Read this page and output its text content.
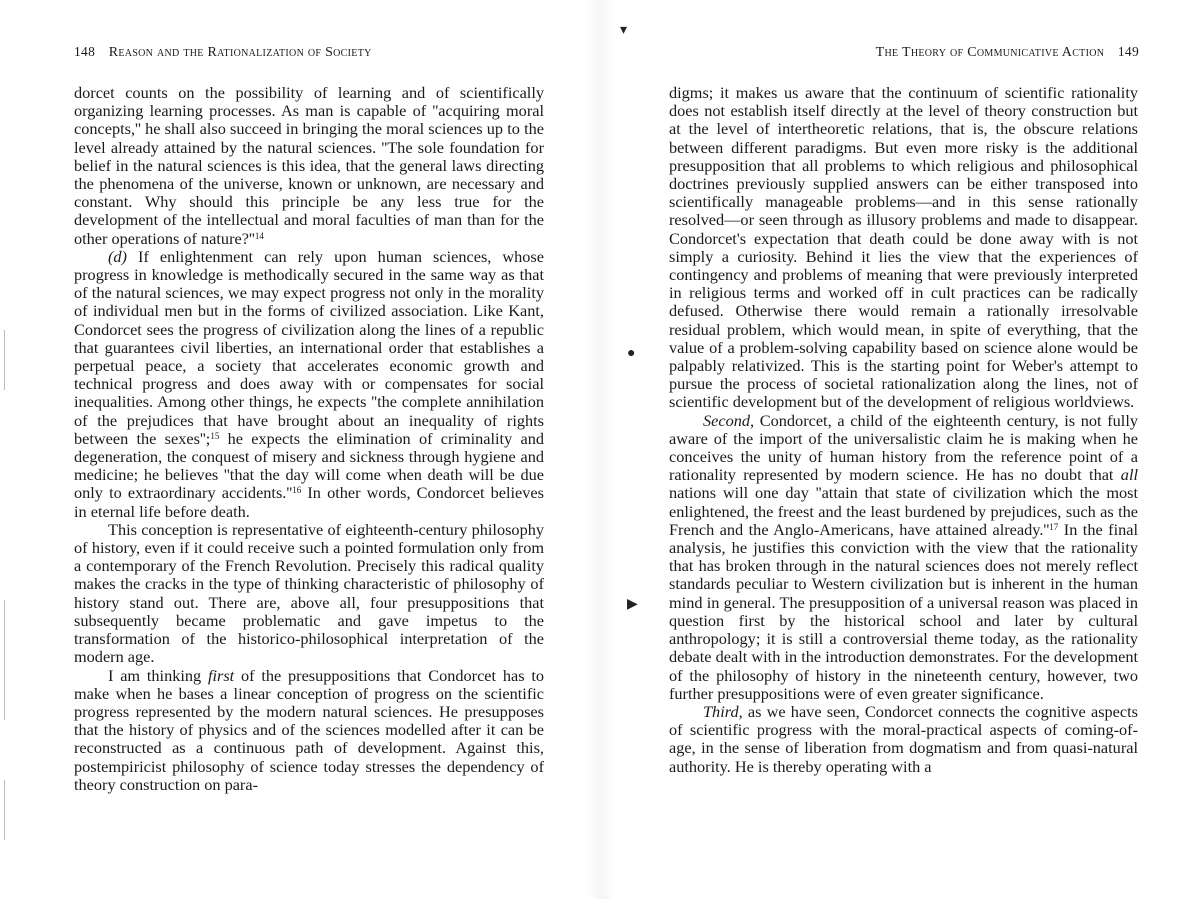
▾
●
▶
148 Reason and the Rationalization of Society

dorcet counts on the possibility of learning and of scientifically organizing learning processes. As man is capable of ''acquiring moral concepts,'' he shall also succeed in bringing the moral sciences up to the level already attained by the natural sciences. ''The sole foundation for belief in the natural sciences is this idea, that the general laws directing the phenomena of the universe, known or unknown, are necessary and constant. Why should this principle be any less true for the development of the intellectual and moral faculties of man than for the other operations of $nature?''^{14}$

(d) If enlightenment can rely upon human sciences, whose progress in knowledge is methodically secured in the same way as that of the natural sciences, we may expect progress not only in the morality of individual men but in the forms of civilized association. Like Kant, Condorcet sees the progress of civilization along the lines of a republic that guarantees civil liberties, an international order that establishes a perpetual peace, a society that accelerates economic growth and technical progress and does away with or compensates for social inequalities. Among other things, he expects ''the complete annihilation of the prejudices that have brought about an inequality of rights between the sexes'';$^{15}$ he expects the elimination of criminality and degeneration, the conquest of misery and sickness through hygiene and medicine; he believes ''that the day will come when death will be due only to extraordinary $accidents.''^{16}$ In other words, Condorcet believes in eternal life before death.

This conception is representative of eighteenth-century philosophy of history, even if it could receive such a pointed formulation only from a contemporary of the French Revolution. Precisely this radical quality makes the cracks in the type of thinking characteristic of philosophy of history stand out. There are, above all, four presuppositions that subsequently became problematic and gave impetus to the transformation of the historico-philosophical interpretation of the modern age.

I am thinking first of the presuppositions that Condorcet has to make when he bases a linear conception of progress on the scientific progress represented by the modern natural sciences. He presupposes that the history of physics and of the sciences modelled after it can be reconstructed as a continuous path of development. Against this, postempiricist philosophy of science today stresses the dependency of theory construction on para-

The Theory of Communicative Action 149

digms; it makes us aware that the continuum of scientific rationality does not establish itself directly at the level of theory construction but at the level of intertheoretic relations, that is, the obscure relations between different paradigms. But even more risky is the additional presupposition that all problems to which religious and philosophical doctrines previously supplied answers can be either transposed into scientifically manageable problems—and in this sense rationally resolved—or seen through as illusory problems and made to disappear. Condorcet's expectation that death could be done away with is not simply a curiosity. Behind it lies the view that the experiences of contingency and problems of meaning that were previously interpreted in religious terms and worked off in cult practices can be radically defused. Otherwise there would remain a rationally irresolvable residual problem, which would mean, in spite of everything, that the value of a problem-solving capability based on science alone would be palpably relativized. This is the starting point for Weber's attempt to pursue the process of societal rationalization along the lines, not of scientific development but of the development of religious worldviews.

Second, Condorcet, a child of the eighteenth century, is not fully aware of the import of the universalistic claim he is making when he conceives the unity of human history from the reference point of a rationality represented by modern science. He has no doubt that all nations will one day ''attain that state of civilization which the most enlightened, the freest and the least burdened by prejudices, such as the French and the Anglo-Americans, have attained $already.''^{17}$ In the final analysis, he justifies this conviction with the view that the rationality that has broken through in the natural sciences does not merely reflect standards peculiar to Western civilization but is inherent in the human mind in general. The presupposition of a universal reason was placed in question first by the historical school and later by cultural anthropology; it is still a controversial theme today, as the rationality debate dealt with in the introduction demonstrates. For the development of the philosophy of history in the nineteenth century, however, two further presuppositions were of even greater significance.

Third, as we have seen, Condorcet connects the cognitive aspects of scientific progress with the moral-practical aspects of coming-of-age, in the sense of liberation from dogmatism and from quasi-natural authority. He is thereby operating with a
